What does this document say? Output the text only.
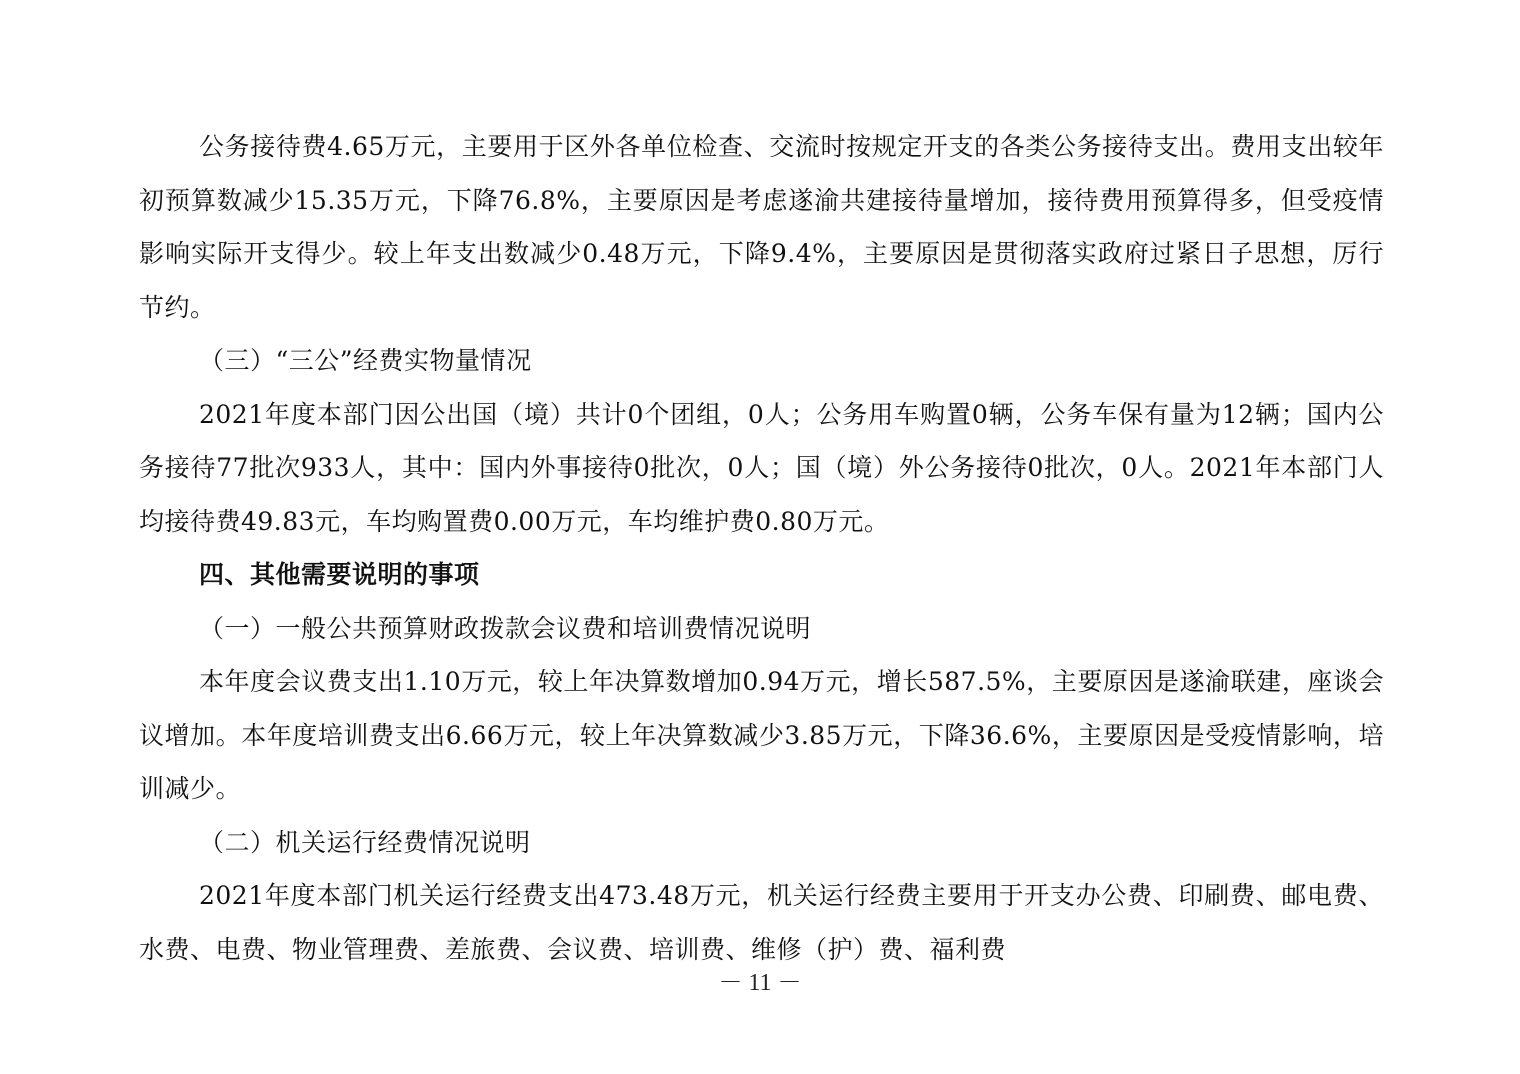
公务接待费4.65万元，主要用于区外各单位检查、交流时按规定开支的各类公务接待支出。费用支出较年初预算数减少15.35万元，下降76.8%，主要原因是考虑遂渝共建接待量增加，接待费用预算得多，但受疫情影响实际开支得少。较上年支出数减少0.48万元，下降9.4%，主要原因是贯彻落实政府过紧日子思想，厉行节约。

（三）“三公”经费实物量情况

2021年度本部门因公出国（境）共计0个团组，0人；公务用车购置0辆，公务车保有量为12辆；国内公务接待77批次933人，其中：国内外事接待0批次，0人；国（境）外公务接待0批次，0人。2021年本部门人均接待费49.83元，车均购置费0.00万元，车均维护费0.80万元。

四、其他需要说明的事项

（一）一般公共预算财政拨款会议费和培训费情况说明

本年度会议费支出1.10万元，较上年决算数增加0.94万元，增长587.5%，主要原因是遂渝联建，座谈会议增加。本年度培训费支出6.66万元，较上年决算数减少3.85万元，下降36.6%，主要原因是受疫情影响，培训减少。

（二）机关运行经费情况说明

2021年度本部门机关运行经费支出473.48万元，机关运行经费主要用于开支办公费、印刷费、邮电费、水费、电费、物业管理费、差旅费、会议费、培训费、维修（护）费、福利费

－ 11 －
